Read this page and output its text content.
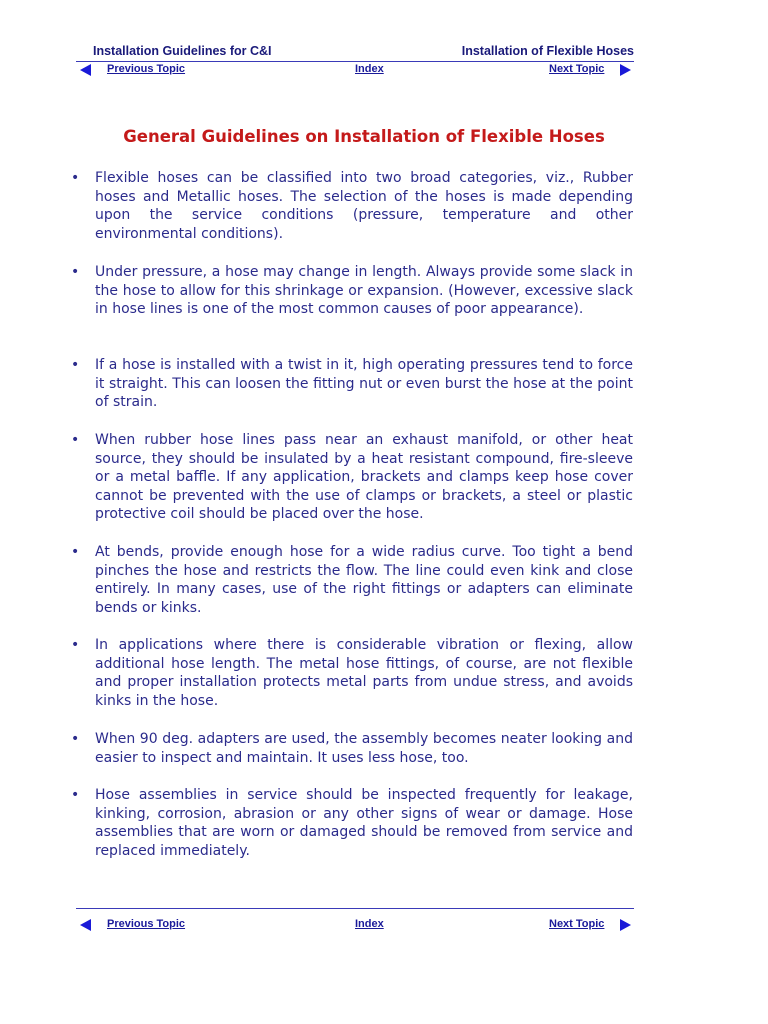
Installation Guidelines for C&I	Installation of Flexible Hoses
Previous Topic	Index	Next Topic
General Guidelines on Installation of Flexible Hoses
• Flexible hoses can be classified into two broad categories, viz., Rubber hoses and Metallic hoses. The selection of the hoses is made depending upon the service conditions (pressure, temperature and other environmental conditions).
• Under pressure, a hose may change in length. Always provide some slack in the hose to allow for this shrinkage or expansion. (However, excessive slack in hose lines is one of the most common causes of poor appearance).
• If a hose is installed with a twist in it, high operating pressures tend to force it straight. This can loosen the fitting nut or even burst the hose at the point of strain.
• When rubber hose lines pass near an exhaust manifold, or other heat source, they should be insulated by a heat resistant compound, fire-sleeve or a metal baffle. If any application, brackets and clamps keep hose cover cannot be prevented with the use of clamps or brackets, a steel or plastic protective coil should be placed over the hose.
• At bends, provide enough hose for a wide radius curve. Too tight a bend pinches the hose and restricts the flow. The line could even kink and close entirely. In many cases, use of the right fittings or adapters can eliminate bends or kinks.
• In applications where there is considerable vibration or flexing, allow additional hose length. The metal hose fittings, of course, are not flexible and proper installation protects metal parts from undue stress, and avoids kinks in the hose.
• When 90 deg. adapters are used, the assembly becomes neater looking and easier to inspect and maintain. It uses less hose, too.
• Hose assemblies in service should be inspected frequently for leakage, kinking, corrosion, abrasion or any other signs of wear or damage. Hose assemblies that are worn or damaged should be removed from service and replaced immediately.
Previous Topic	Index	Next Topic
